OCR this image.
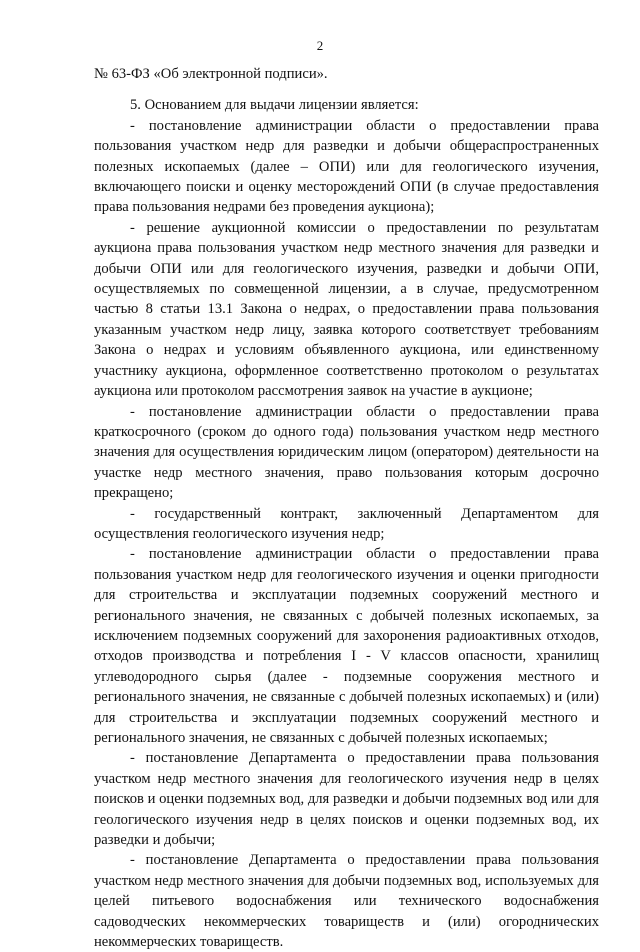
2

№ 63-ФЗ «Об электронной подписи».

5. Основанием для выдачи лицензии является:

- постановление администрации области о предоставлении права пользования участком недр для разведки и добычи общераспространенных полезных ископаемых (далее – ОПИ) или для геологического изучения, включающего поиски и оценку месторождений ОПИ (в случае предоставления права пользования недрами без проведения аукциона);

- решение аукционной комиссии о предоставлении по результатам аукциона права пользования участком недр местного значения для разведки и добычи ОПИ или для геологического изучения, разведки и добычи ОПИ, осуществляемых по совмещенной лицензии, а в случае, предусмотренном частью 8 статьи 13.1 Закона о недрах, о предоставлении права пользования указанным участком недр лицу, заявка которого соответствует требованиям Закона о недрах и условиям объявленного аукциона, или единственному участнику аукциона, оформленное соответственно протоколом о результатах аукциона или протоколом рассмотрения заявок на участие в аукционе;

- постановление администрации области о предоставлении права краткосрочного (сроком до одного года) пользования участком недр местного значения для осуществления юридическим лицом (оператором) деятельности на участке недр местного значения, право пользования которым досрочно прекращено;

- государственный контракт, заключенный Департаментом для осуществления геологического изучения недр;

- постановление администрации области о предоставлении права пользования участком недр для геологического изучения и оценки пригодности для строительства и эксплуатации подземных сооружений местного и регионального значения, не связанных с добычей полезных ископаемых, за исключением подземных сооружений для захоронения радиоактивных отходов, отходов производства и потребления I - V классов опасности, хранилищ углеводородного сырья (далее - подземные сооружения местного и регионального значения, не связанные с добычей полезных ископаемых) и (или) для строительства и эксплуатации подземных сооружений местного и регионального значения, не связанных с добычей полезных ископаемых;

- постановление Департамента о предоставлении права пользования участком недр местного значения для геологического изучения недр в целях поисков и оценки подземных вод, для разведки и добычи подземных вод или для геологического изучения недр в целях поисков и оценки подземных вод, их разведки и добычи;

- постановление Департамента о предоставлении права пользования участком недр местного значения для добычи подземных вод, используемых для целей питьевого водоснабжения или технического водоснабжения садоводческих некоммерческих товариществ и (или) огороднических некоммерческих товариществ.
